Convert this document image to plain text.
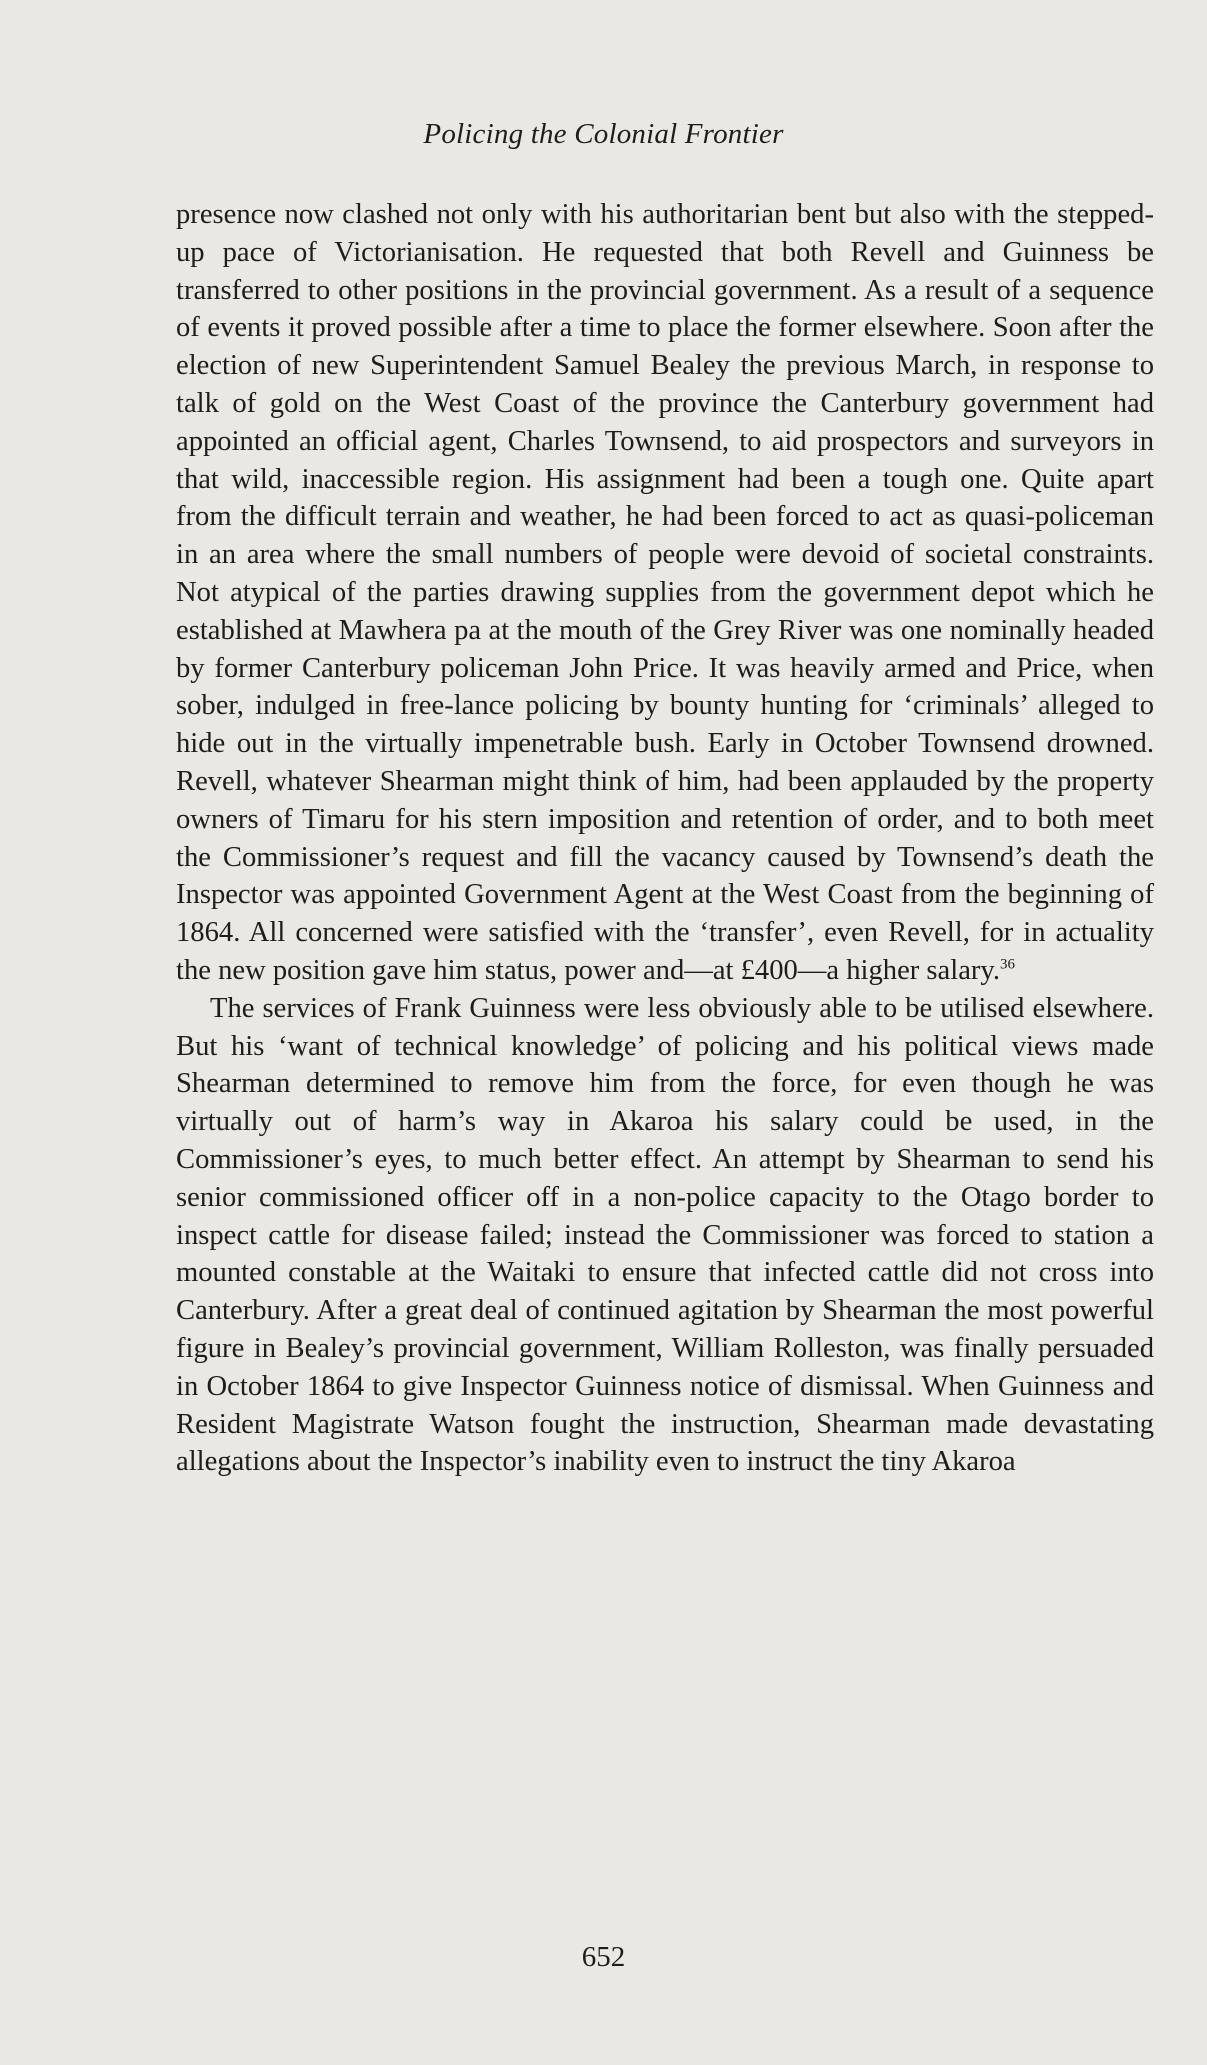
Policing the Colonial Frontier

presence now clashed not only with his authoritarian bent but also with the stepped-up pace of Victorianisation. He requested that both Revell and Guinness be transferred to other positions in the provincial government. As a result of a sequence of events it proved possible after a time to place the former elsewhere. Soon after the election of new Superintendent Samuel Bealey the previous March, in response to talk of gold on the West Coast of the province the Canterbury government had appointed an official agent, Charles Townsend, to aid prospectors and surveyors in that wild, inaccessible region. His assignment had been a tough one. Quite apart from the difficult terrain and weather, he had been forced to act as quasi-policeman in an area where the small numbers of people were devoid of societal constraints. Not atypical of the parties drawing supplies from the government depot which he established at Mawhera pa at the mouth of the Grey River was one nominally headed by former Canterbury policeman John Price. It was heavily armed and Price, when sober, indulged in free-lance policing by bounty hunting for ‘criminals’ alleged to hide out in the virtually impenetrable bush. Early in October Townsend drowned. Revell, whatever Shearman might think of him, had been applauded by the property owners of Timaru for his stern imposition and retention of order, and to both meet the Commissioner’s request and fill the vacancy caused by Townsend’s death the Inspector was appointed Government Agent at the West Coast from the beginning of 1864. All concerned were satisfied with the ‘transfer’, even Revell, for in actuality the new position gave him status, power and—at £400—a higher salary.$^{36}$

The services of Frank Guinness were less obviously able to be utilised elsewhere. But his ‘want of technical knowledge’ of policing and his political views made Shearman determined to remove him from the force, for even though he was virtually out of harm’s way in Akaroa his salary could be used, in the Commissioner’s eyes, to much better effect. An attempt by Shearman to send his senior commissioned officer off in a non-police capacity to the Otago border to inspect cattle for disease failed; instead the Commissioner was forced to station a mounted constable at the Waitaki to ensure that infected cattle did not cross into Canterbury. After a great deal of continued agitation by Shearman the most powerful figure in Bealey’s provincial government, William Rolleston, was finally persuaded in October 1864 to give Inspector Guinness notice of dismissal. When Guinness and Resident Magistrate Watson fought the instruction, Shearman made devastating allegations about the Inspector’s inability even to instruct the tiny Akaroa

652
